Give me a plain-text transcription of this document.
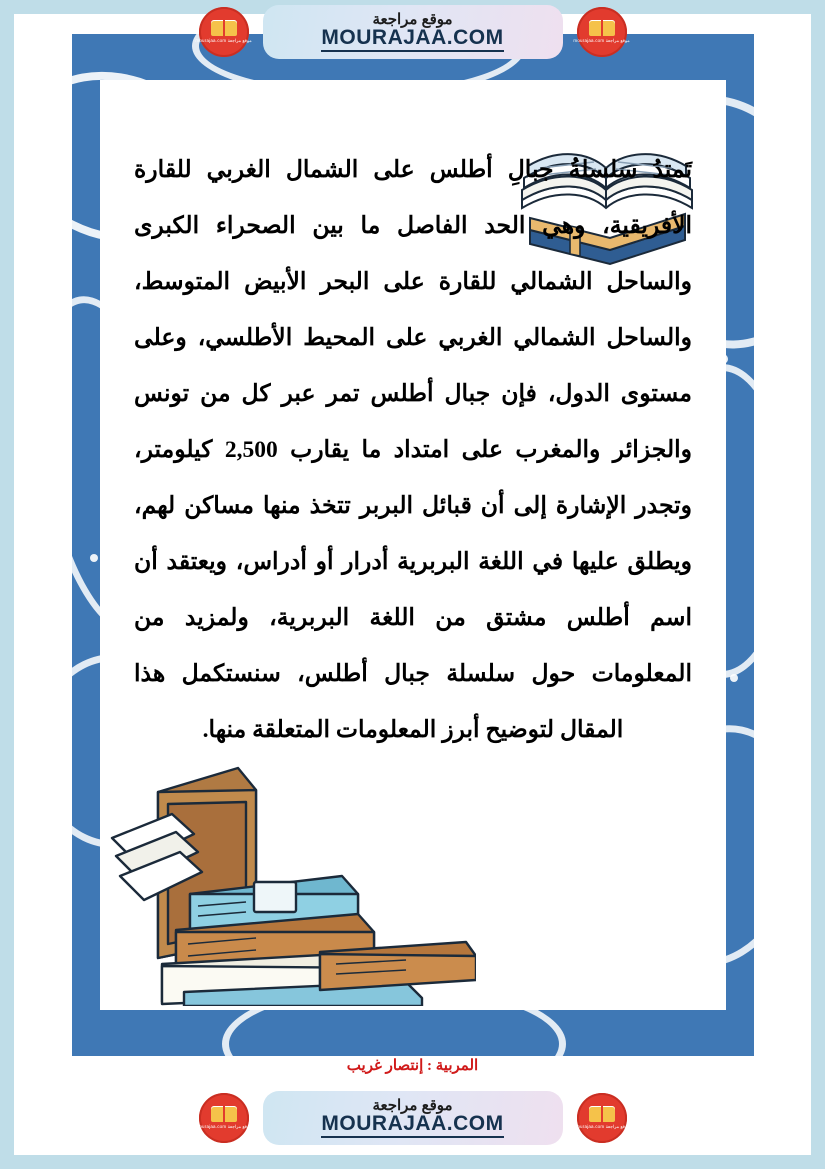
موقع مراجعة mourajaa.com
موقع مراجعة
MOURAJAA.COM
موقع مراجعة mourajaa.com
تَمتدُ سلسلةُ جبالِ أطلس على الشمال الغربي للقارة الأفريقية، وهي الحد الفاصل ما بين الصحراء الكبرى والساحل الشمالي للقارة على البحر الأبيض المتوسط، والساحل الشمالي الغربي على المحيط الأطلسي، وعلى مستوى الدول، فإن جبال أطلس تمر عبر كل من تونس والجزائر والمغرب على امتداد ما يقارب 2,500 كيلومتر، وتجدر الإشارة إلى أن قبائل البربر تتخذ منها مساكن لهم، ويطلق عليها في اللغة البربرية أدرار أو أدراس، ويعتقد أن اسم أطلس مشتق من اللغة البربرية، ولمزيد من المعلومات حول سلسلة جبال أطلس، سنستكمل هذا المقال لتوضيح أبرز المعلومات المتعلقة منها.
المربية : إنتصار غريب
موقع مراجعة mourajaa.com
موقع مراجعة
MOURAJAA.COM
موقع مراجعة mourajaa.com
